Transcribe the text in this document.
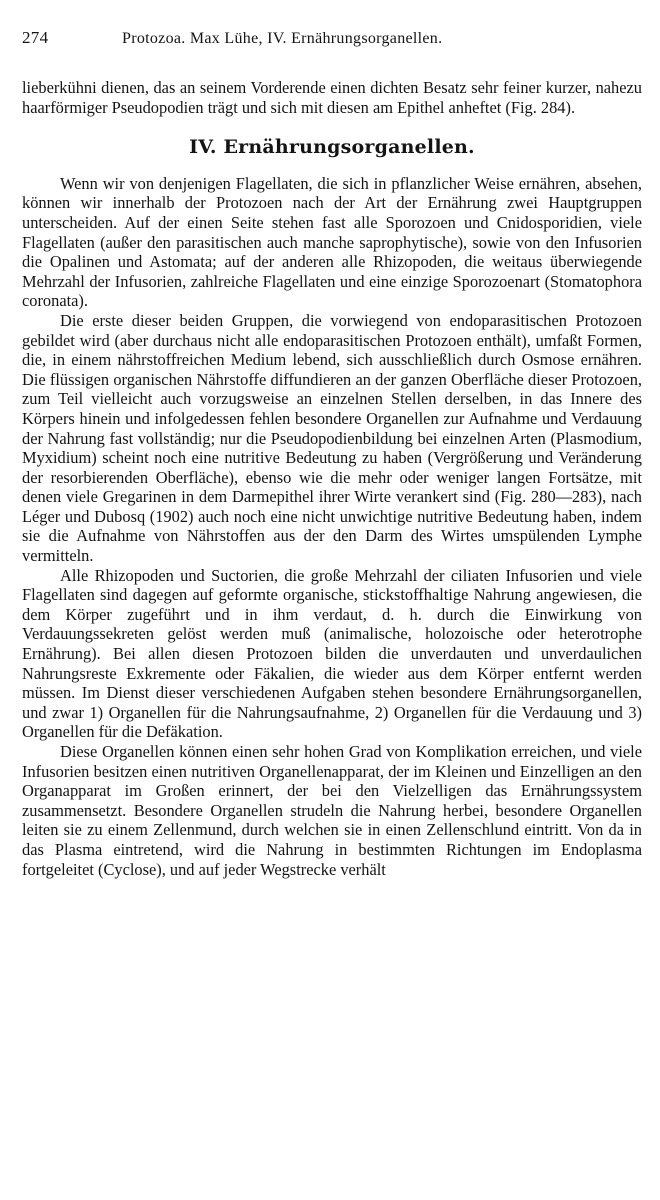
274	Protozoa. Max Lühe, IV. Ernährungsorganellen.

lieberkühni dienen, das an seinem Vorderende einen dichten Besatz sehr feiner kurzer, nahezu haarförmiger Pseudopodien trägt und sich mit diesen am Epithel anheftet (Fig. 284).

IV. Ernährungsorganellen.

Wenn wir von denjenigen Flagellaten, die sich in pflanzlicher Weise ernähren, absehen, können wir innerhalb der Protozoen nach der Art der Ernährung zwei Hauptgruppen unterscheiden. Auf der einen Seite stehen fast alle Sporozoen und Cnidosporidien, viele Flagellaten (außer den parasitischen auch manche saprophytische), sowie von den Infusorien die Opalinen und Astomata; auf der anderen alle Rhizopoden, die weitaus überwiegende Mehrzahl der Infusorien, zahlreiche Flagellaten und eine einzige Sporozoenart (Stomatophora coronata).

Die erste dieser beiden Gruppen, die vorwiegend von endoparasitischen Protozoen gebildet wird (aber durchaus nicht alle endoparasitischen Protozoen enthält), umfaßt Formen, die, in einem nährstoffreichen Medium lebend, sich ausschließlich durch Osmose ernähren. Die flüssigen organischen Nährstoffe diffundieren an der ganzen Oberfläche dieser Protozoen, zum Teil vielleicht auch vorzugsweise an einzelnen Stellen derselben, in das Innere des Körpers hinein und infolgedessen fehlen besondere Organellen zur Aufnahme und Verdauung der Nahrung fast vollständig; nur die Pseudopodienbildung bei einzelnen Arten (Plasmodium, Myxidium) scheint noch eine nutritive Bedeutung zu haben (Vergrößerung und Veränderung der resorbierenden Oberfläche), ebenso wie die mehr oder weniger langen Fortsätze, mit denen viele Gregarinen in dem Darmepithel ihrer Wirte verankert sind (Fig. 280—283), nach Léger und Dubosq (1902) auch noch eine nicht unwichtige nutritive Bedeutung haben, indem sie die Aufnahme von Nährstoffen aus der den Darm des Wirtes umspülenden Lymphe vermitteln.

Alle Rhizopoden und Suctorien, die große Mehrzahl der ciliaten Infusorien und viele Flagellaten sind dagegen auf geformte organische, stickstoffhaltige Nahrung angewiesen, die dem Körper zugeführt und in ihm verdaut, d. h. durch die Einwirkung von Verdauungssekreten gelöst werden muß (animalische, holozoische oder heterotrophe Ernährung). Bei allen diesen Protozoen bilden die unverdauten und unverdaulichen Nahrungsreste Exkremente oder Fäkalien, die wieder aus dem Körper entfernt werden müssen. Im Dienst dieser verschiedenen Aufgaben stehen besondere Ernährungsorganellen, und zwar 1) Organellen für die Nahrungsaufnahme, 2) Organellen für die Verdauung und 3) Organellen für die Defäkation.

Diese Organellen können einen sehr hohen Grad von Komplikation erreichen, und viele Infusorien besitzen einen nutritiven Organellenapparat, der im Kleinen und Einzelligen an den Organapparat im Großen erinnert, der bei den Vielzelligen das Ernährungssystem zusammensetzt. Besondere Organellen strudeln die Nahrung herbei, besondere Organellen leiten sie zu einem Zellenmund, durch welchen sie in einen Zellenschlund eintritt. Von da in das Plasma eintretend, wird die Nahrung in bestimmten Richtungen im Endoplasma fortgeleitet (Cyclose), und auf jeder Wegstrecke verhält
